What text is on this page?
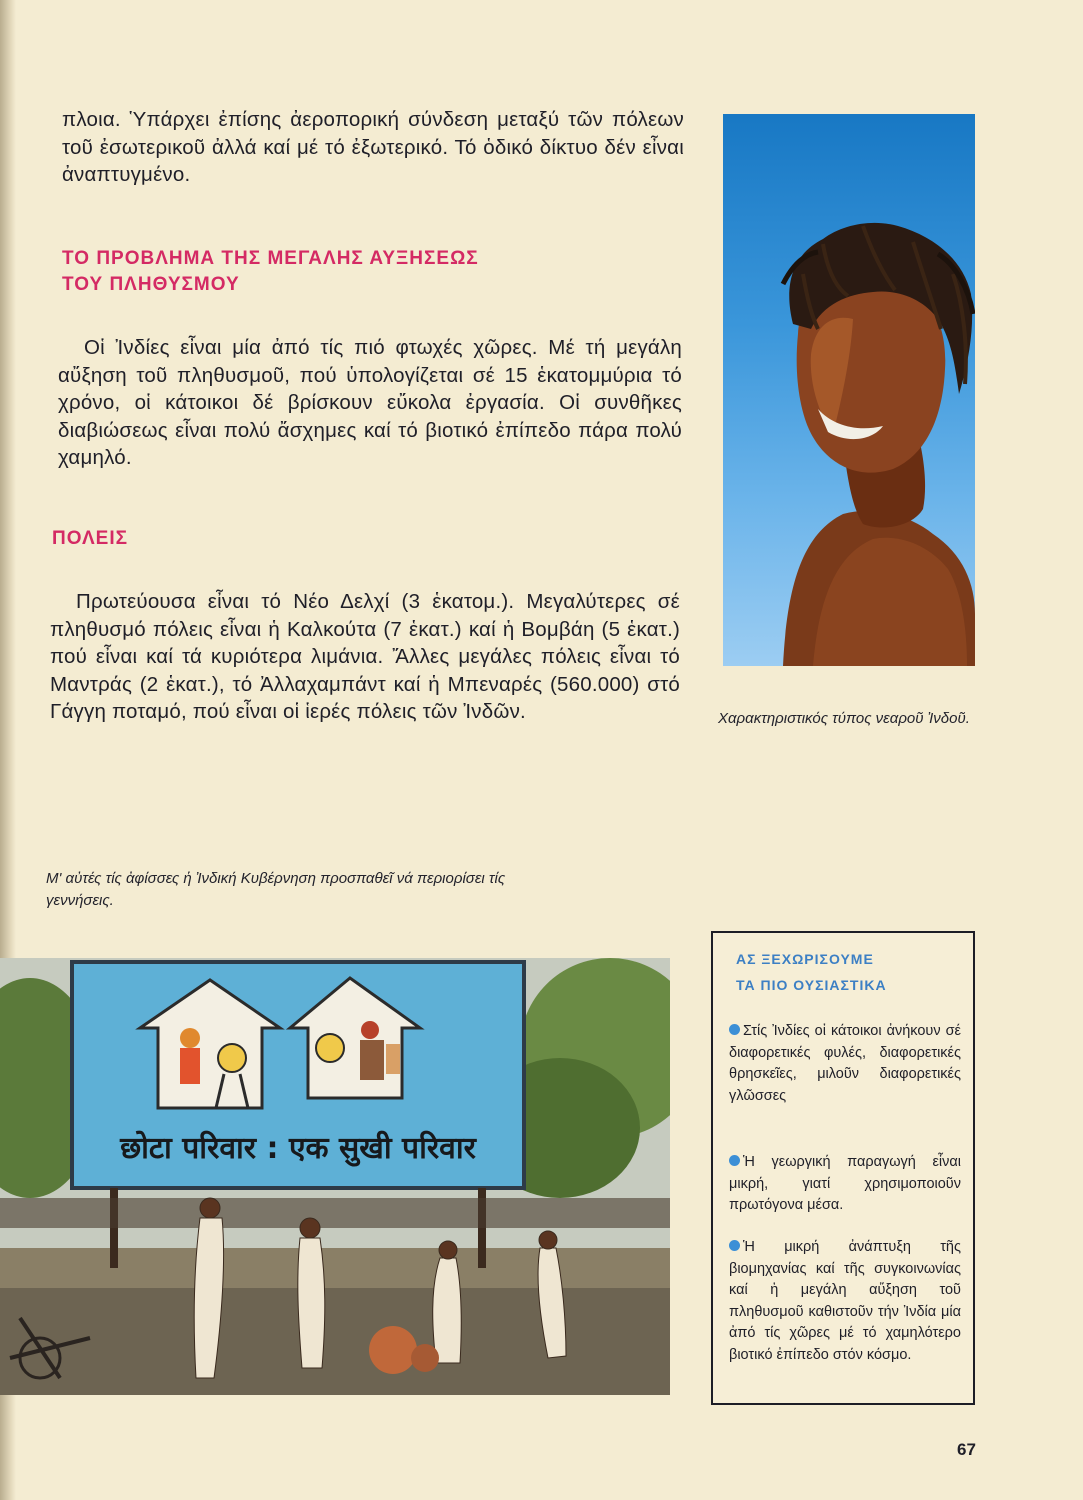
πλοια. Ὑπάρχει ἐπίσης ἀεροπορική σύνδεση μεταξύ τῶν πόλεων τοῦ ἐσωτερικοῦ ἀλλά καί μέ τό ἐξωτερικό. Τό ὁδικό δίκτυο δέν εἶναι ἀναπτυγμένο.

ΤΟ ΠΡΟΒΛΗΜΑ ΤΗΣ ΜΕΓΑΛΗΣ ΑΥΞΗΣΕΩΣ

ΤΟΥ ΠΛΗΘΥΣΜΟΥ

Οἱ Ἰνδίες εἶναι μία ἀπό τίς πιό φτωχές χῶρες. Μέ τή μεγάλη αὔξηση τοῦ πληθυσμοῦ, πού ὑπολογίζεται σέ 15 ἑκατομμύρια τό χρόνο, οἱ κάτοικοι δέ βρίσκουν εὔκολα ἐργασία. Οἱ συνθῆκες διαβιώσεως εἶναι πολύ ἄσχημες καί τό βιοτικό ἐπίπεδο πάρα πολύ χαμηλό.

ΠΟΛΕΙΣ

Πρωτεύουσα εἶναι τό Νέο Δελχί (3 ἑκατομ.). Μεγαλύτερες σέ πληθυσμό πόλεις εἶναι ἡ Καλκούτα (7 ἑκατ.) καί ἡ Βομβάη (5 ἑκατ.) πού εἶναι καί τά κυριότερα λιμάνια. Ἄλλες μεγάλες πόλεις εἶναι τό Μαντράς (2 ἑκατ.), τό Ἀλλαχαμπάντ καί ἡ Μπεναρές (560.000) στό Γάγγη ποταμό, πού εἶναι οἱ ἱερές πόλεις τῶν Ἰνδῶν.	Χαρακτηριστικός τύπος νεαροῦ Ἰνδοῦ.

Μ' αὐτές τίς ἀφίσσες ἡ Ἰνδική Κυβέρνηση προσπαθεῖ νά περιορίσει τίς γεννήσεις.

छोटा परिवार : एक सुखी परिवार

ΑΣ ΞΕΧΩΡΙΣΟΥΜΕ

ΤΑ ΠΙΟ ΟΥΣΙΑΣΤΙΚΑ

Στίς Ἰνδίες οἱ κάτοικοι ἀνήκουν σέ διαφορετικές φυλές, διαφορετικές θρησκεῖες, μιλοῦν διαφορετικές γλῶσσες

Ἡ γεωργική παραγωγή εἶναι μικρή, γιατί χρησιμοποιοῦν πρωτόγονα μέσα.

Ἡ μικρή ἀνάπτυξη τῆς βιομηχανίας καί τῆς συγκοινωνίας καί ἡ μεγάλη αὔξηση τοῦ πληθυσμοῦ καθιστοῦν τήν Ἰνδία μία ἀπό τίς χῶρες μέ τό χαμηλότερο βιοτικό ἐπίπεδο στόν κόσμο.

67
